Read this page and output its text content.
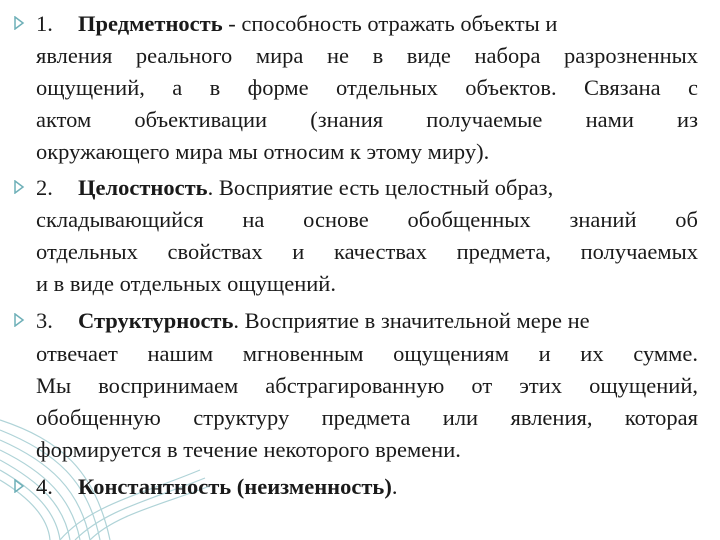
1. Предметность - способность отражать объекты и
явления реального мира не в виде набора разрозненных
ощущений, а в форме отдельных объектов. Связана с
актом объективации (знания получаемые нами из
окружающего мира мы относим к этому миру).
2. Целостность. Восприятие есть целостный образ,
складывающийся на основе обобщенных знаний об
отдельных свойствах и качествах предмета, получаемых
и в виде отдельных ощущений.
3. Структурность. Восприятие в значительной мере не
отвечает нашим мгновенным ощущениям и их сумме.
Мы воспринимаем абстрагированную от этих ощущений,
обобщенную структуру предмета или явления, которая
формируется в течение некоторого времени.
4. Константность (неизменность).
